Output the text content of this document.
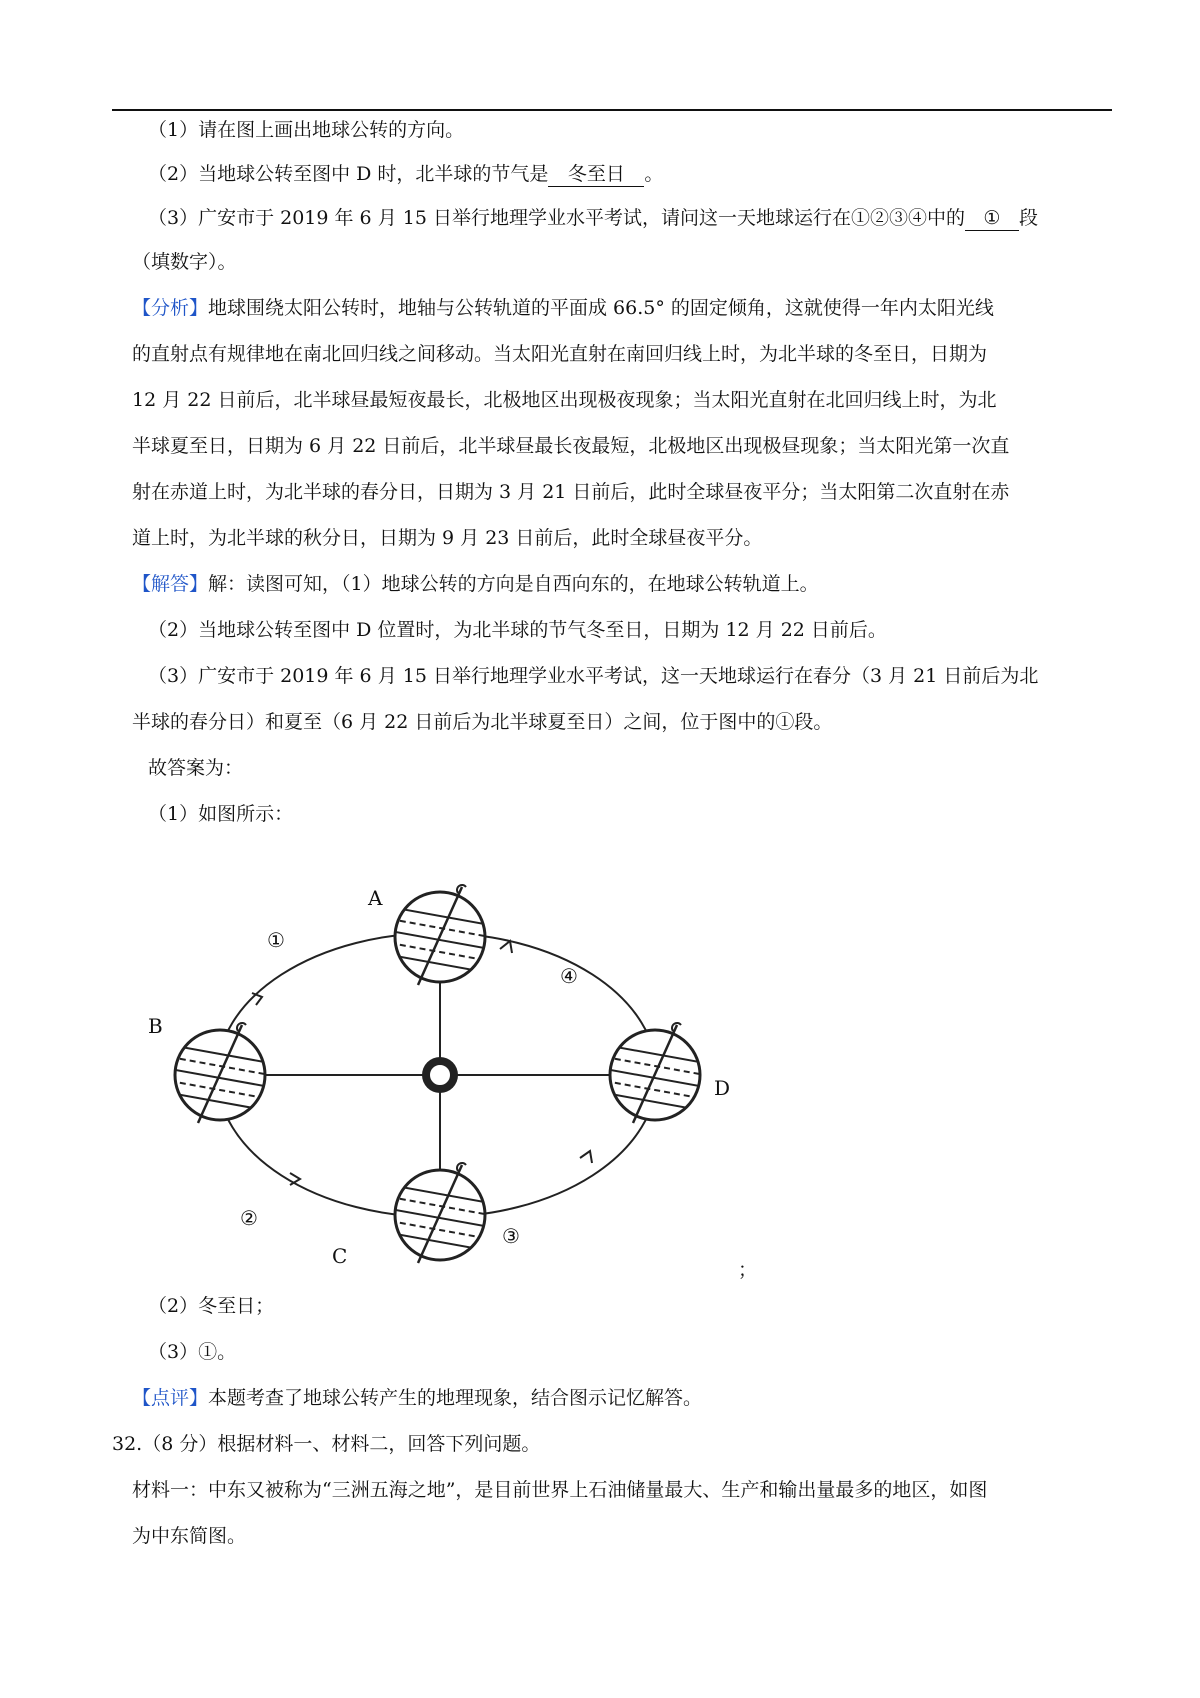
（1）请在图上画出地球公转的方向。
（2）当地球公转至图中 D 时，北半球的节气是 冬至日 。
（3）广安市于 2019 年 6 月 15 日举行地理学业水平考试，请问这一天地球运行在①②③④中的 ① 段
（填数字）。
【分析】地球围绕太阳公转时，地轴与公转轨道的平面成 66.5° 的固定倾角，这就使得一年内太阳光线
的直射点有规律地在南北回归线之间移动。当太阳光直射在南回归线上时，为北半球的冬至日，日期为
12 月 22 日前后，北半球昼最短夜最长，北极地区出现极夜现象；当太阳光直射在北回归线上时，为北
半球夏至日，日期为 6 月 22 日前后，北半球昼最长夜最短，北极地区出现极昼现象；当太阳光第一次直
射在赤道上时，为北半球的春分日，日期为 3 月 21 日前后，此时全球昼夜平分；当太阳第二次直射在赤
道上时，为北半球的秋分日，日期为 9 月 23 日前后，此时全球昼夜平分。
【解答】解：读图可知，（1）地球公转的方向是自西向东的，在地球公转轨道上。
（2）当地球公转至图中 D 位置时，为北半球的节气冬至日，日期为 12 月 22 日前后。
（3）广安市于 2019 年 6 月 15 日举行地理学业水平考试，这一天地球运行在春分（3 月 21 日前后为北
半球的春分日）和夏至（6 月 22 日前后为北半球夏至日）之间，位于图中的①段。
故答案为：
（1）如图所示：
A
B
C
D
①
②
③
④
；
（2）冬至日；
（3）①。
【点评】本题考查了地球公转产生的地理现象，结合图示记忆解答。
32.（8 分）根据材料一、材料二，回答下列问题。
材料一：中东又被称为“三洲五海之地”，是目前世界上石油储量最大、生产和输出量最多的地区，如图
为中东简图。
